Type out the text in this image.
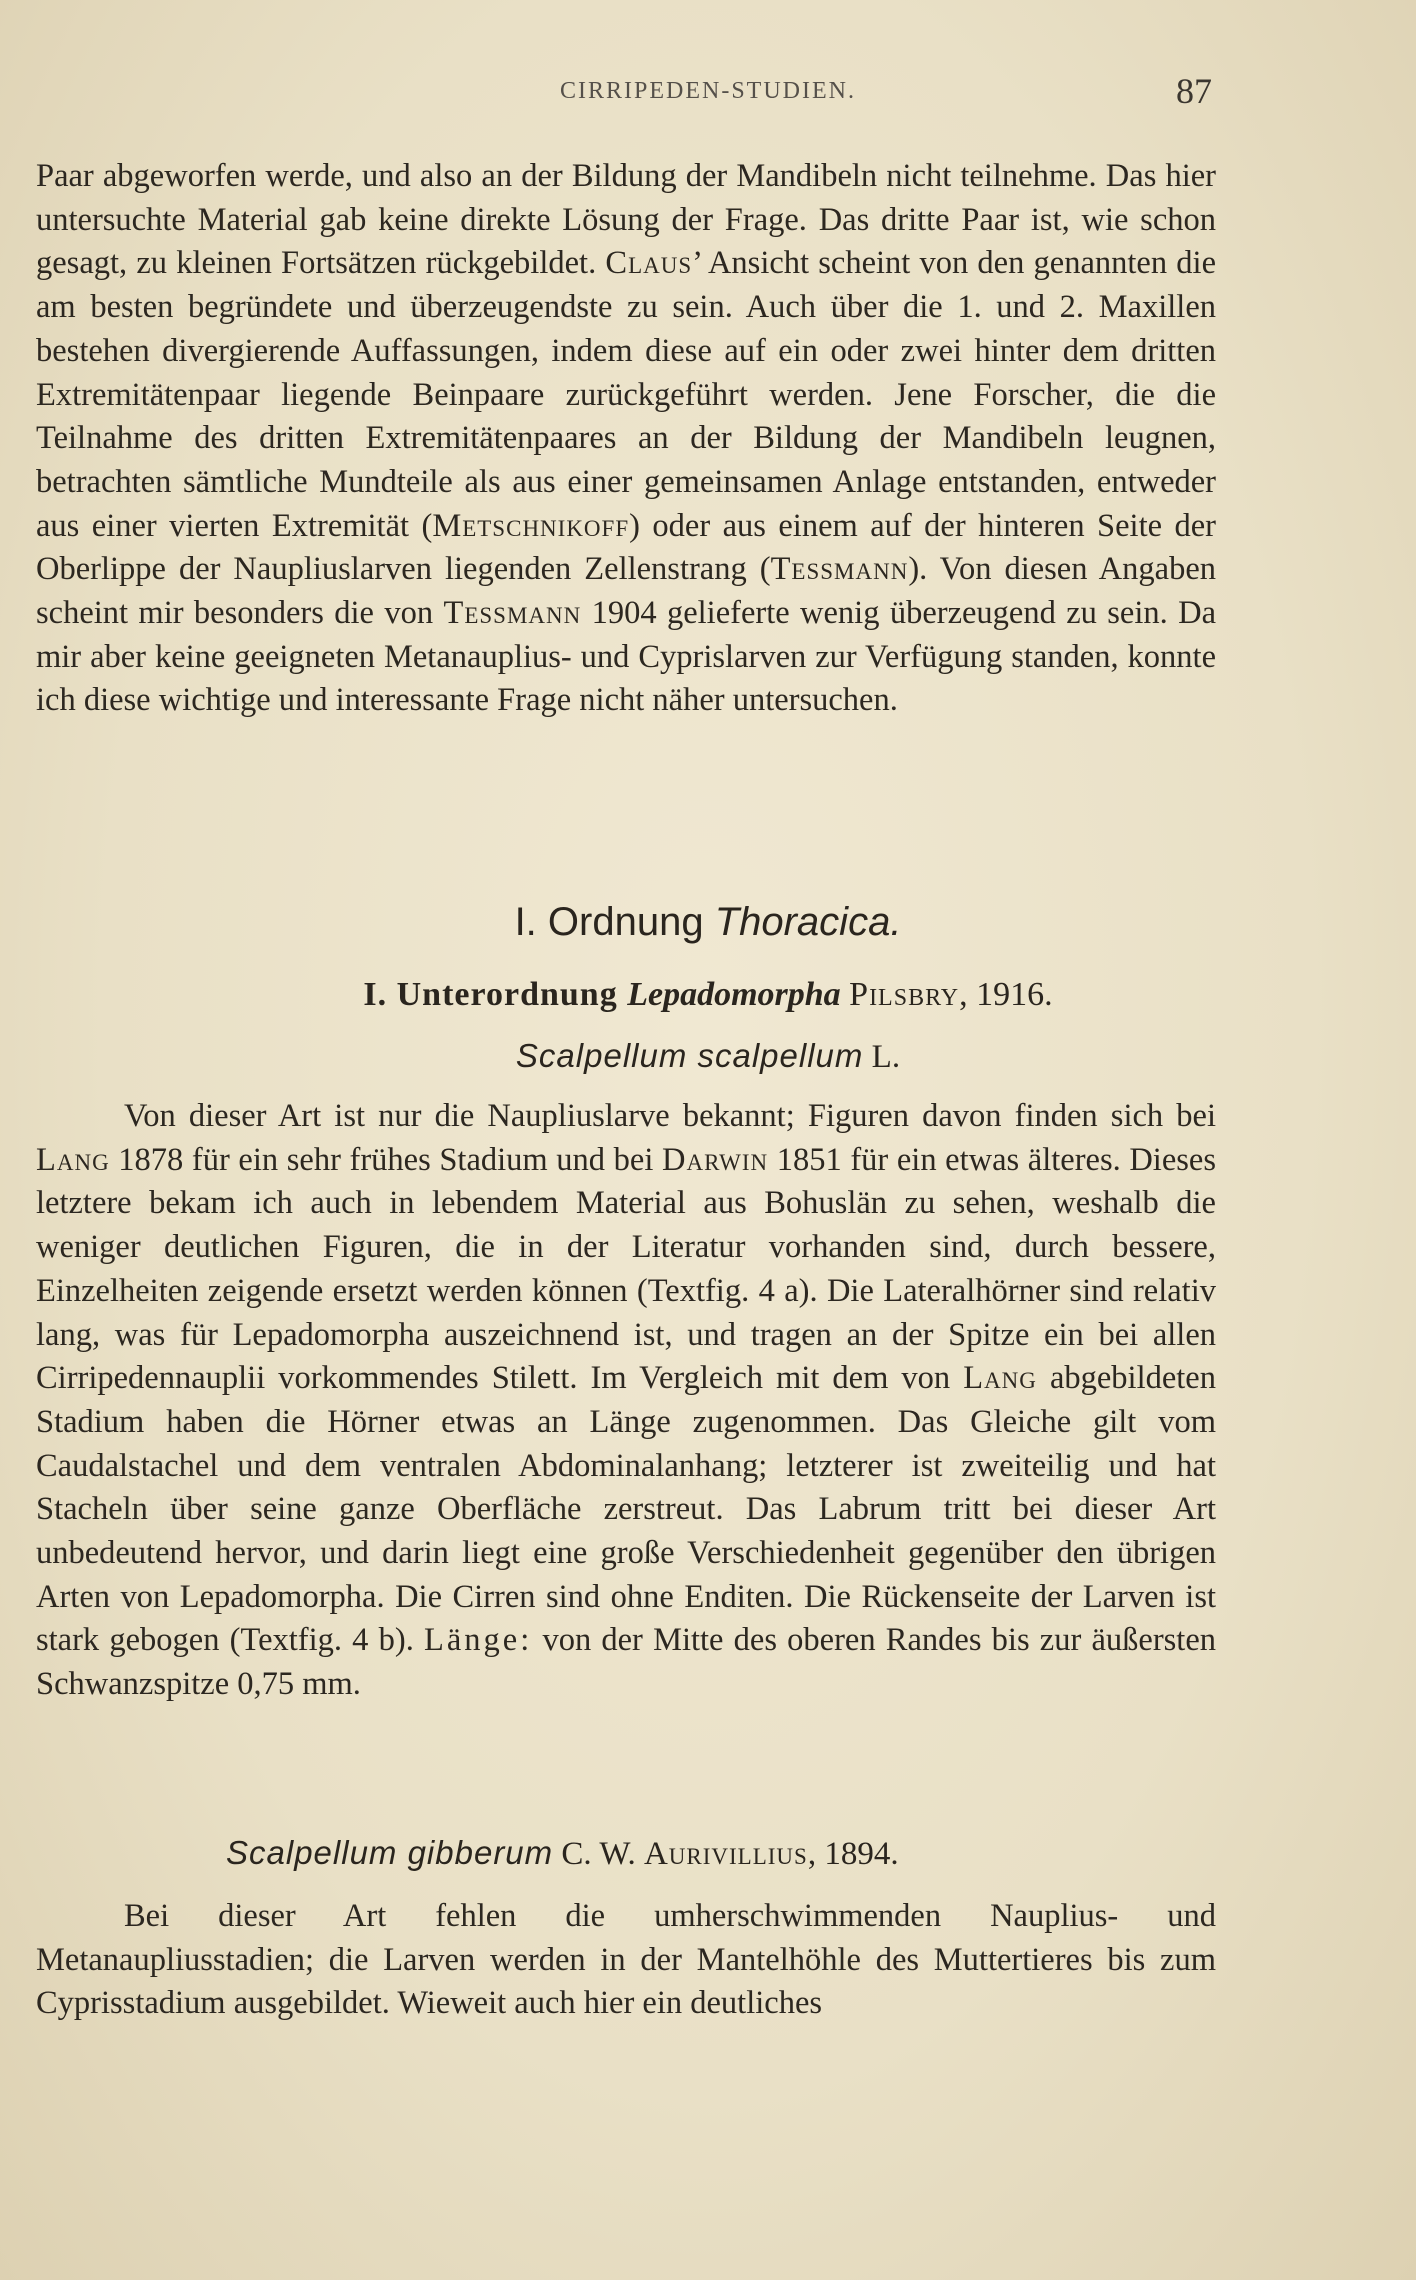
CIRRIPEDEN-STUDIEN.	87

Paar abgeworfen werde, und also an der Bildung der Mandibeln nicht teilnehme. Das hier untersuchte Material gab keine direkte Lösung der Frage. Das dritte Paar ist, wie schon gesagt, zu kleinen Fortsätzen rückgebildet. Claus’ Ansicht scheint von den genannten die am besten begründete und überzeugendste zu sein. Auch über die 1. und 2. Maxillen bestehen divergierende Auffassungen, indem diese auf ein oder zwei hinter dem dritten Extremitätenpaar liegende Beinpaare zurückgeführt werden. Jene Forscher, die die Teilnahme des dritten Extremitätenpaares an der Bildung der Mandibeln leugnen, betrachten sämtliche Mundteile als aus einer gemeinsamen Anlage entstanden, entweder aus einer vierten Extremität (Metschnikoff) oder aus einem auf der hinteren Seite der Oberlippe der Naupliuslarven liegenden Zellenstrang (Tessmann). Von diesen Angaben scheint mir besonders die von Tessmann 1904 gelieferte wenig überzeugend zu sein. Da mir aber keine geeigneten Metanauplius- und Cyprislarven zur Verfügung standen, konnte ich diese wichtige und interessante Frage nicht näher untersuchen.

I. Ordnung Thoracica.
I. Unterordnung Lepadomorpha Pilsbry, 1916.
Scalpellum scalpellum L.

Von dieser Art ist nur die Naupliuslarve bekannt; Figuren davon finden sich bei Lang 1878 für ein sehr frühes Stadium und bei Darwin 1851 für ein etwas älteres. Dieses letztere bekam ich auch in lebendem Material aus Bohuslän zu sehen, weshalb die weniger deutlichen Figuren, die in der Literatur vorhanden sind, durch bessere, Einzelheiten zeigende ersetzt werden können (Textfig. 4 a). Die Lateralhörner sind relativ lang, was für Lepadomorpha auszeichnend ist, und tragen an der Spitze ein bei allen Cirripedennauplii vorkommendes Stilett. Im Vergleich mit dem von Lang abgebildeten Stadium haben die Hörner etwas an Länge zugenommen. Das Gleiche gilt vom Caudalstachel und dem ventralen Abdominalanhang; letzterer ist zweiteilig und hat Stacheln über seine ganze Oberfläche zerstreut. Das Labrum tritt bei dieser Art unbedeutend hervor, und darin liegt eine große Verschiedenheit gegenüber den übrigen Arten von Lepadomorpha. Die Cirren sind ohne Enditen. Die Rückenseite der Larven ist stark gebogen (Textfig. 4 b). Länge: von der Mitte des oberen Randes bis zur äußersten Schwanzspitze 0,75 mm.

Scalpellum gibberum C. W. Aurivillius, 1894.

Bei dieser Art fehlen die umherschwimmenden Nauplius- und Metanaupliusstadien; die Larven werden in der Mantelhöhle des Muttertieres bis zum Cyprisstadium ausgebildet. Wieweit auch hier ein deutliches
